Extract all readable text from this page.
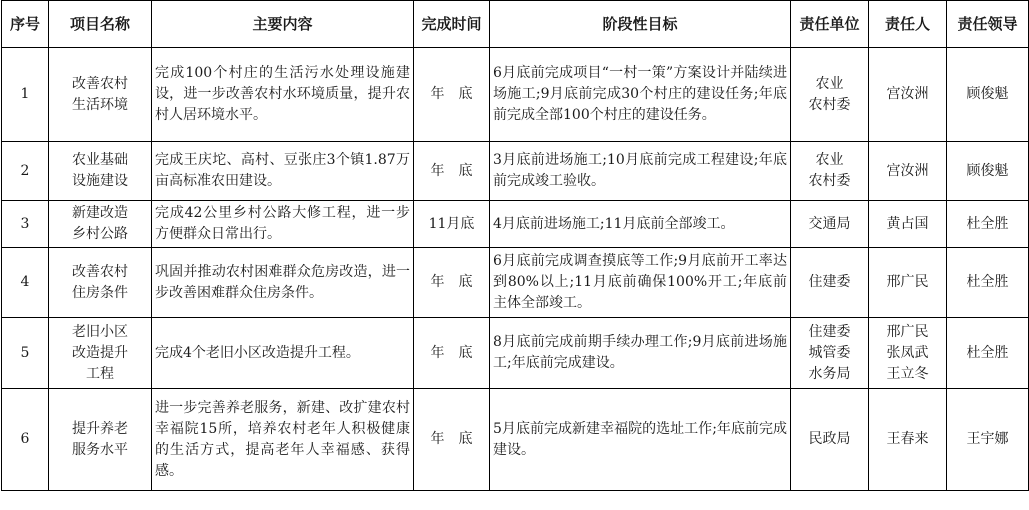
序号	项目名称	主要内容	完成时间	阶段性目标	责任单位	责任人	责任领导
1	改善农村
生活环境	完成100个村庄的生活污水处理设施建设，进一步改善农村水环境质量，提升农村人居环境水平。	年　底	6月底前完成项目“一村一策”方案设计并陆续进场施工;9月底前完成30个村庄的建设任务;年底前完成全部100个村庄的建设任务。	农业
农村委	宫汝洲	顾俊魁
2	农业基础
设施建设	完成王庆坨、高村、豆张庄3个镇1.87万亩高标准农田建设。	年　底	3月底前进场施工;10月底前完成工程建设;年底前完成竣工验收。	农业
农村委	宫汝洲	顾俊魁
3	新建改造
乡村公路	完成42公里乡村公路大修工程，进一步方便群众日常出行。	11月底	4月底前进场施工;11月底前全部竣工。	交通局	黄占国	杜全胜
4	改善农村
住房条件	巩固并推动农村困难群众危房改造，进一步改善困难群众住房条件。	年　底	6月底前完成调查摸底等工作;9月底前开工率达到80%以上;11月底前确保100%开工;年底前主体全部竣工。	住建委	邢广民	杜全胜
5	老旧小区
改造提升
工程	完成4个老旧小区改造提升工程。	年　底	8月底前完成前期手续办理工作;9月底前进场施工;年底前完成建设。	住建委
城管委
水务局	邢广民
张凤武
王立冬	杜全胜
6	提升养老
服务水平	进一步完善养老服务，新建、改扩建农村幸福院15所，培养农村老年人积极健康的生活方式，提高老年人幸福感、获得感。	年　底	5月底前完成新建幸福院的选址工作;年底前完成建设。	民政局	王春来	王宇娜
